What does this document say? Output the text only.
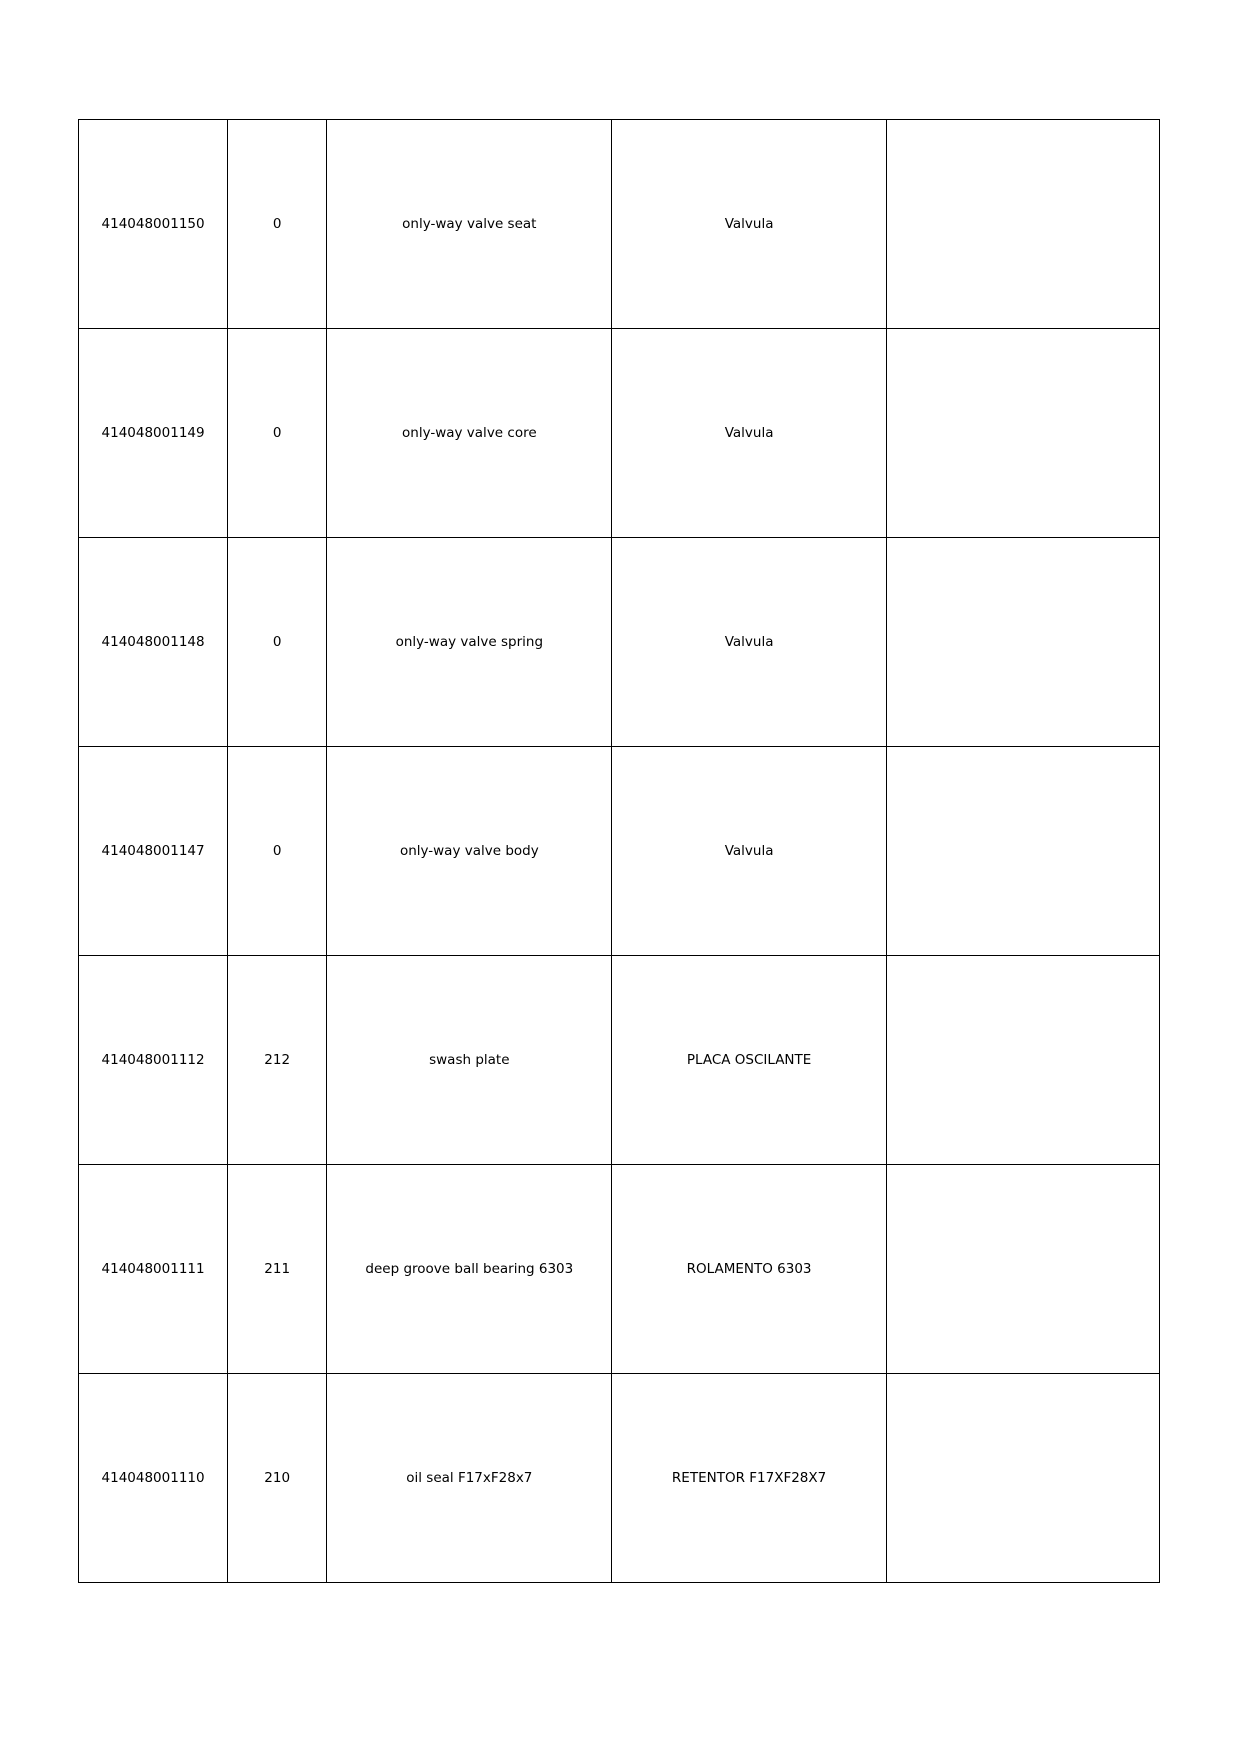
414048001150	0	only-way valve seat	Valvula	
414048001149	0	only-way valve core	Valvula	
414048001148	0	only-way valve spring	Valvula	
414048001147	0	only-way valve body	Valvula	
414048001112	212	swash plate	PLACA OSCILANTE	
414048001111	211	deep groove ball bearing 6303	ROLAMENTO 6303	
414048001110	210	oil seal F17xF28x7	RETENTOR F17XF28X7	
